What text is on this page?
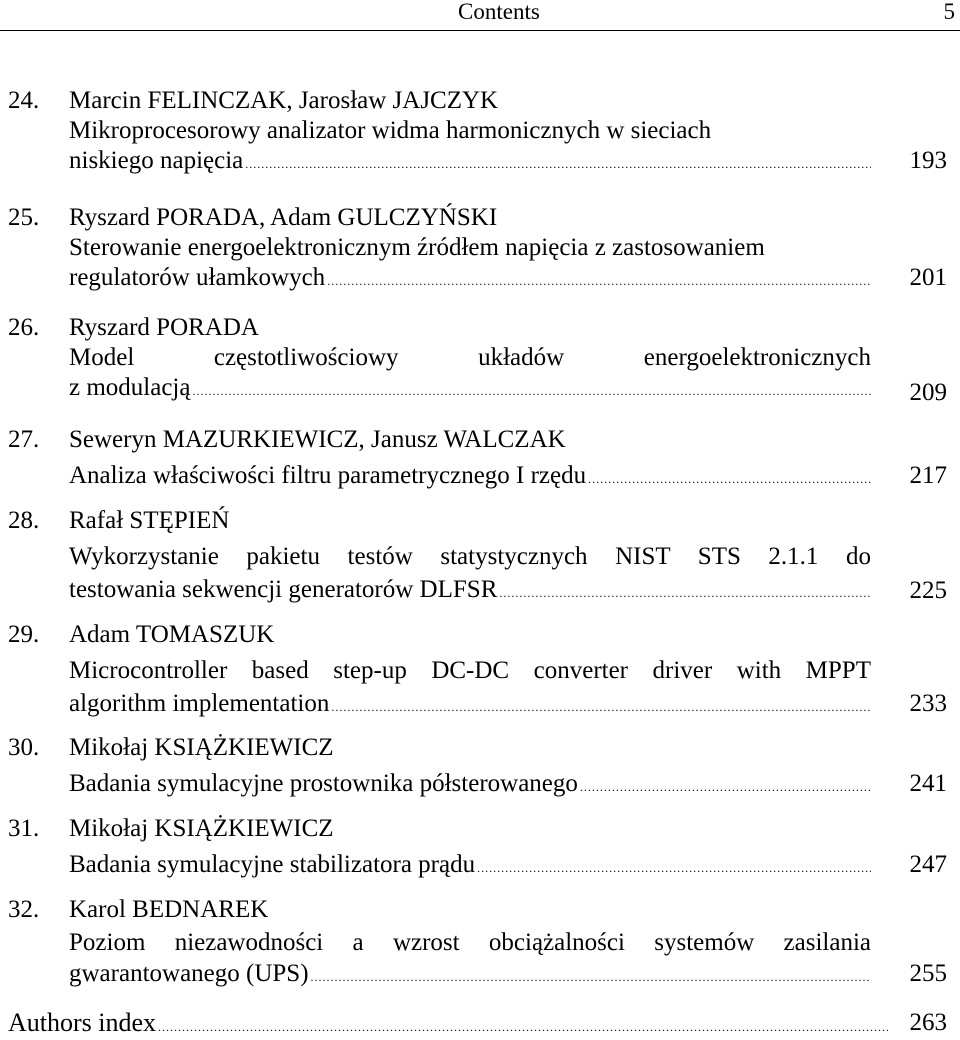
Contents	5
24. Marcin FELINCZAK, Jarosław JAJCZYK
Mikroprocesorowy analizator widma harmonicznych w sieciach
niskiego napięcia .....	193
25. Ryszard PORADA, Adam GULCZYŃSKI
Sterowanie energoelektronicznym źródłem napięcia z zastosowaniem
regulatorów ułamkowych .....	201
26. Ryszard PORADA
Model częstotliwościowy układów energoelektronicznych
z modulacją .....	209
27. Seweryn MAZURKIEWICZ, Janusz WALCZAK
Analiza właściwości filtru parametrycznego I rzędu .....	217
28. Rafał STĘPIEŃ
Wykorzystanie pakietu testów statystycznych NIST STS 2.1.1 do
testowania sekwencji generatorów DLFSR .....	225
29. Adam TOMASZUK
Microcontroller based step-up DC-DC converter driver with MPPT
algorithm implementation .....	233
30. Mikołaj KSIĄŻKIEWICZ
Badania symulacyjne prostownika półsterowanego .....	241
31. Mikołaj KSIĄŻKIEWICZ
Badania symulacyjne stabilizatora prądu .....	247
32. Karol BEDNAREK
Poziom niezawodności a wzrost obciążalności systemów zasilania
gwarantowanego (UPS) .....	255
Authors index .....	263
